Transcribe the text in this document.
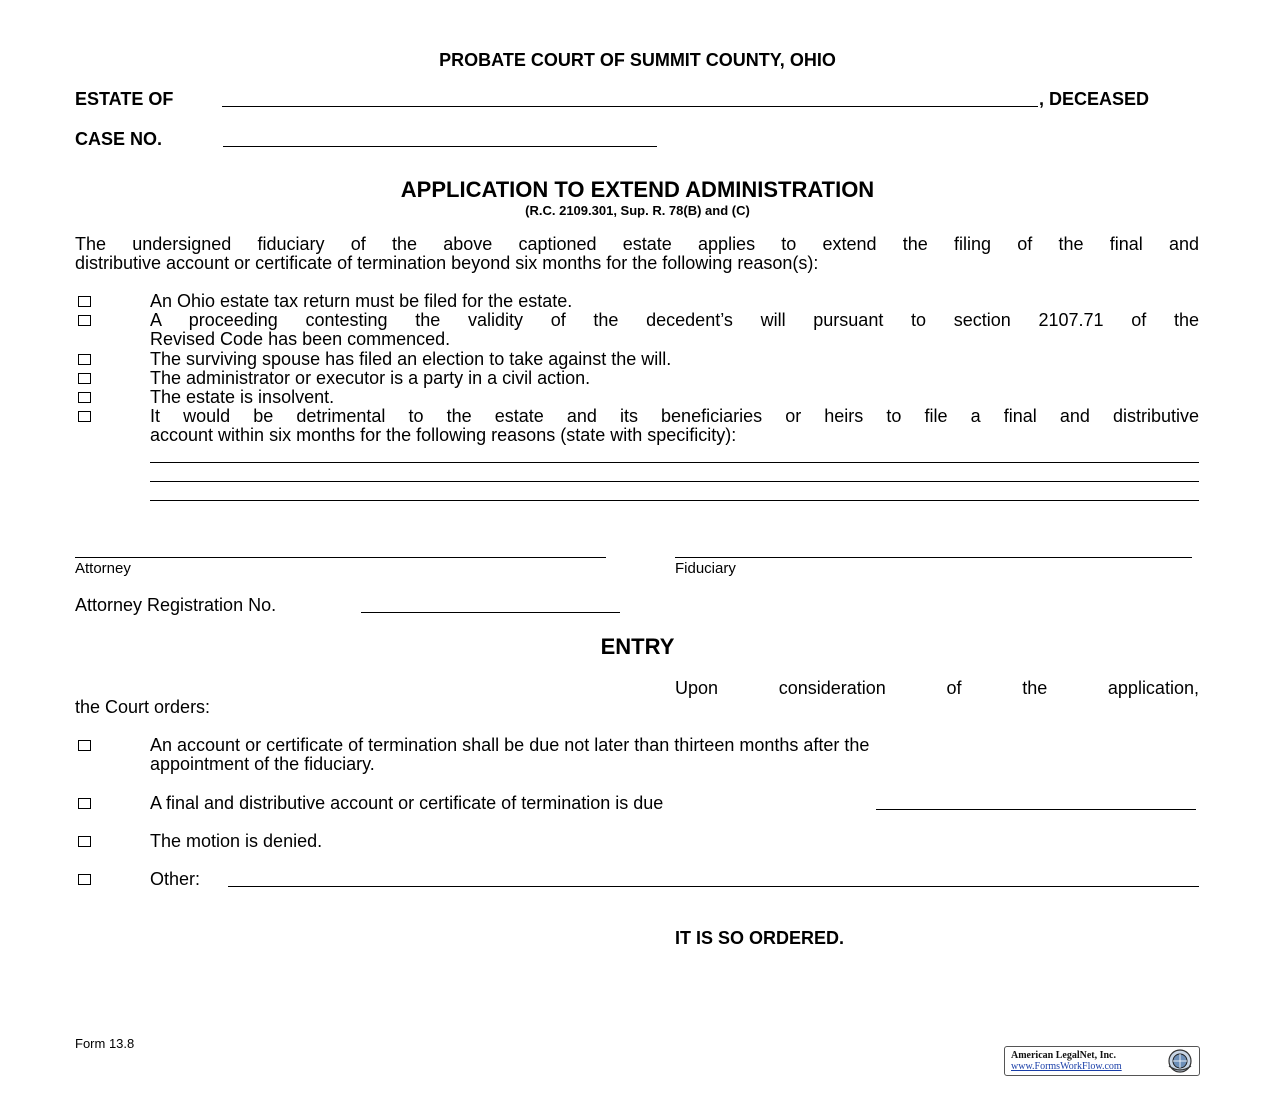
PROBATE COURT OF SUMMIT COUNTY, OHIO
ESTATE OF	, DECEASED
CASE NO.
APPLICATION TO EXTEND ADMINISTRATION
(R.C. 2109.301, Sup. R. 78(B) and (C)
The undersigned fiduciary of the above captioned estate applies to extend the filing of the final and
distributive account or certificate of termination beyond six months for the following reason(s):
An Ohio estate tax return must be filed for the estate.
A proceeding contesting the validity of the decedent’s will pursuant to section 2107.71 of the
Revised Code has been commenced.
The surviving spouse has filed an election to take against the will.
The administrator or executor is a party in a civil action.
The estate is insolvent.
It would be detrimental to the estate and its beneficiaries or heirs to file a final and distributive
account within six months for the following reasons (state with specificity):
Attorney	Fiduciary
Attorney Registration No.
ENTRY
Upon	consideration	of	the	application,
the Court orders:
An account or certificate of termination shall be due not later than thirteen months after the
appointment of the fiduciary.
A final and distributive account or certificate of termination is due
The motion is denied.
Other:
IT IS SO ORDERED.
Form 13.8
American LegalNet, Inc.
www.FormsWorkFlow.com
